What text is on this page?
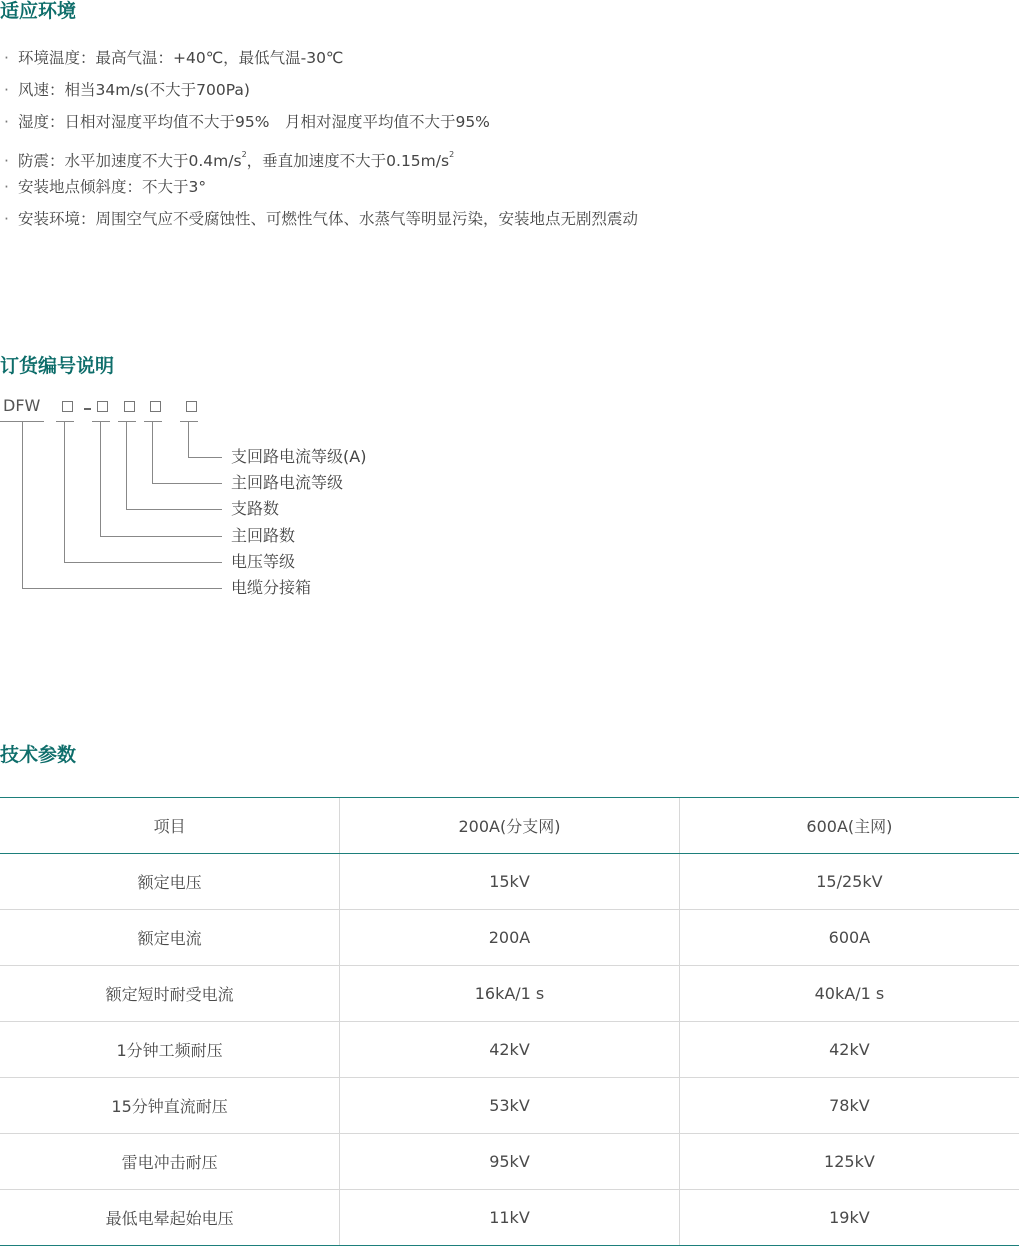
适应环境
· 环境温度：最高气温：+40℃，最低气温-30℃
· 风速：相当34m/s(不大于700Pa)
· 湿度：日相对湿度平均值不大于95%　月相对湿度平均值不大于95%
· 防震：水平加速度不大于$0.4m/s^2$，垂直加速度不大于$0.15m/s^2$
· 安装地点倾斜度：不大于3°
· 安装环境：周围空气应不受腐蚀性、可燃性气体、水蒸气等明显污染，安装地点无剧烈震动
订货编号说明
DFW
支回路电流等级(A)
主回路电流等级
支路数
主回路数
电压等级
电缆分接箱
技术参数
项目	200A(分支网)	600A(主网)
额定电压	15kV	15/25kV
额定电流	200A	600A
额定短时耐受电流	16kA/1 s	40kA/1 s
1分钟工频耐压	42kV	42kV
15分钟直流耐压	53kV	78kV
雷电冲击耐压	95kV	125kV
最低电晕起始电压	11kV	19kV
